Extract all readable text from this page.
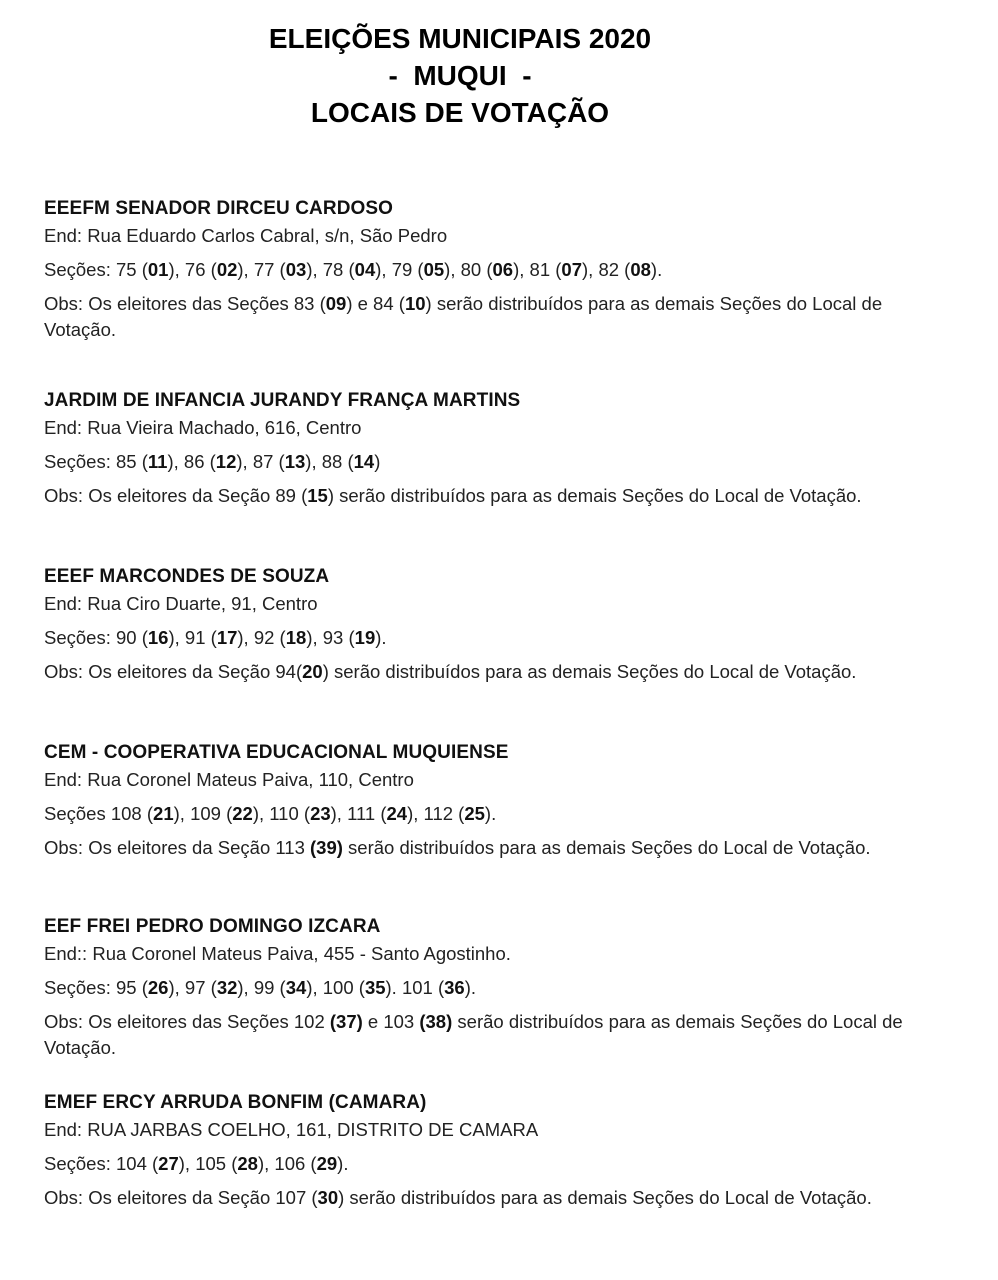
ELEIÇÕES MUNICIPAIS 2020
-  MUQUI  -
LOCAIS DE VOTAÇÃO
EEEFM SENADOR DIRCEU CARDOSO
End: Rua Eduardo Carlos Cabral, s/n, São Pedro
Seções: 75 (01), 76 (02), 77 (03), 78 (04), 79 (05), 80 (06), 81 (07), 82 (08).
Obs: Os eleitores das Seções 83 (09) e 84 (10) serão distribuídos para as demais Seções do Local de Votação.
JARDIM DE INFANCIA JURANDY FRANÇA MARTINS
End: Rua Vieira Machado, 616, Centro
Seções: 85 (11), 86 (12), 87 (13), 88 (14)
Obs: Os eleitores da Seção 89 (15) serão distribuídos para as demais Seções do Local de Votação.
EEEF MARCONDES DE SOUZA
End: Rua Ciro Duarte, 91, Centro
Seções: 90 (16), 91 (17), 92 (18), 93 (19).
Obs: Os eleitores da Seção 94(20) serão distribuídos para as demais Seções do Local de Votação.
CEM - COOPERATIVA EDUCACIONAL MUQUIENSE
End: Rua Coronel Mateus Paiva, 110, Centro
Seções 108 (21), 109 (22), 110 (23), 111 (24), 112 (25).
Obs: Os eleitores da Seção 113 (39) serão distribuídos para as demais Seções do Local de Votação.
EEF FREI PEDRO DOMINGO IZCARA
End:: Rua Coronel Mateus Paiva, 455 - Santo Agostinho.
Seções: 95 (26), 97 (32), 99 (34), 100 (35). 101 (36).
Obs: Os eleitores das Seções 102 (37) e 103 (38) serão distribuídos para as demais Seções do Local de Votação.
EMEF ERCY ARRUDA BONFIM (CAMARA)
End: RUA JARBAS COELHO, 161, DISTRITO DE CAMARA
Seções: 104 (27), 105 (28), 106 (29).
Obs: Os eleitores da Seção 107 (30) serão distribuídos para as demais Seções do Local de Votação.
